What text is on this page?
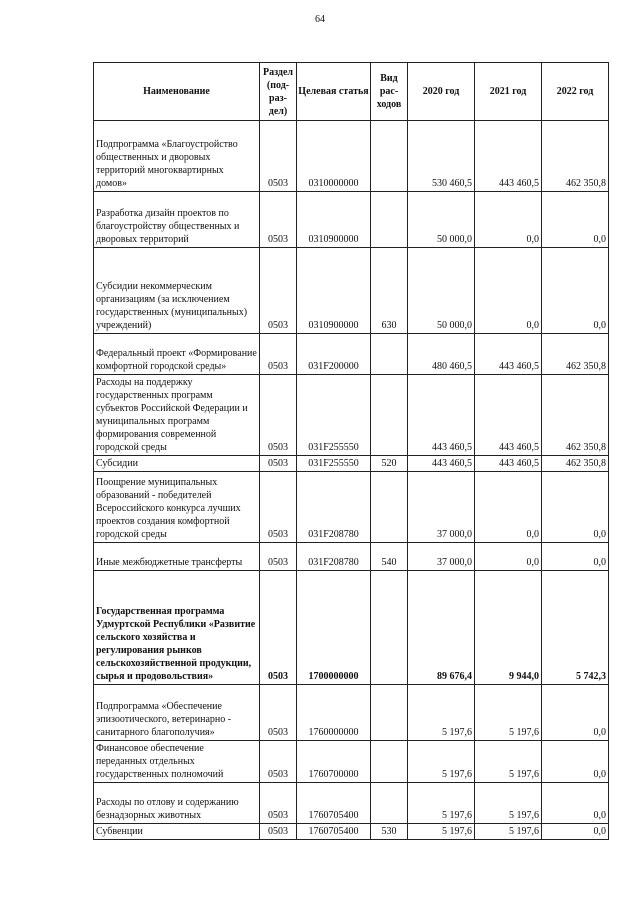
64
Наименование	Раздел (под-раз-дел)	Целевая статья	Вид рас-ходов	2020 год	2021 год	2022 год
Подпрограмма «Благоустройство общественных и дворовых территорий многоквартирных домов»	0503	0310000000		530 460,5	443 460,5	462 350,8
Разработка дизайн проектов по благоустройству общественных и дворовых территорий	0503	0310900000		50 000,0	0,0	0,0
Субсидии некоммерческим организациям (за исключением государственных (муниципальных) учреждений)	0503	0310900000	630	50 000,0	0,0	0,0
Федеральный проект «Формирование комфортной городской среды»	0503	031F200000		480 460,5	443 460,5	462 350,8
Расходы на поддержку государственных программ субъектов Российской Федерации и муниципальных программ формирования современной городской среды	0503	031F255550		443 460,5	443 460,5	462 350,8
Субсидии	0503	031F255550	520	443 460,5	443 460,5	462 350,8
Поощрение муниципальных образований - победителей Всероссийского конкурса лучших проектов создания комфортной городской среды	0503	031F208780		37 000,0	0,0	0,0
Иные межбюджетные трансферты	0503	031F208780	540	37 000,0	0,0	0,0
Государственная программа Удмуртской Республики «Развитие сельского хозяйства и регулирования рынков сельскохозяйственной продукции, сырья и продовольствия»	0503	1700000000		89 676,4	9 944,0	5 742,3
Подпрограмма «Обеспечение эпизоотического, ветеринарно - санитарного благополучия»	0503	1760000000		5 197,6	5 197,6	0,0
Финансовое обеспечение переданных отдельных государственных полномочий	0503	1760700000		5 197,6	5 197,6	0,0
Расходы по отлову и содержанию безнадзорных животных	0503	1760705400		5 197,6	5 197,6	0,0
Субвенции	0503	1760705400	530	5 197,6	5 197,6	0,0
